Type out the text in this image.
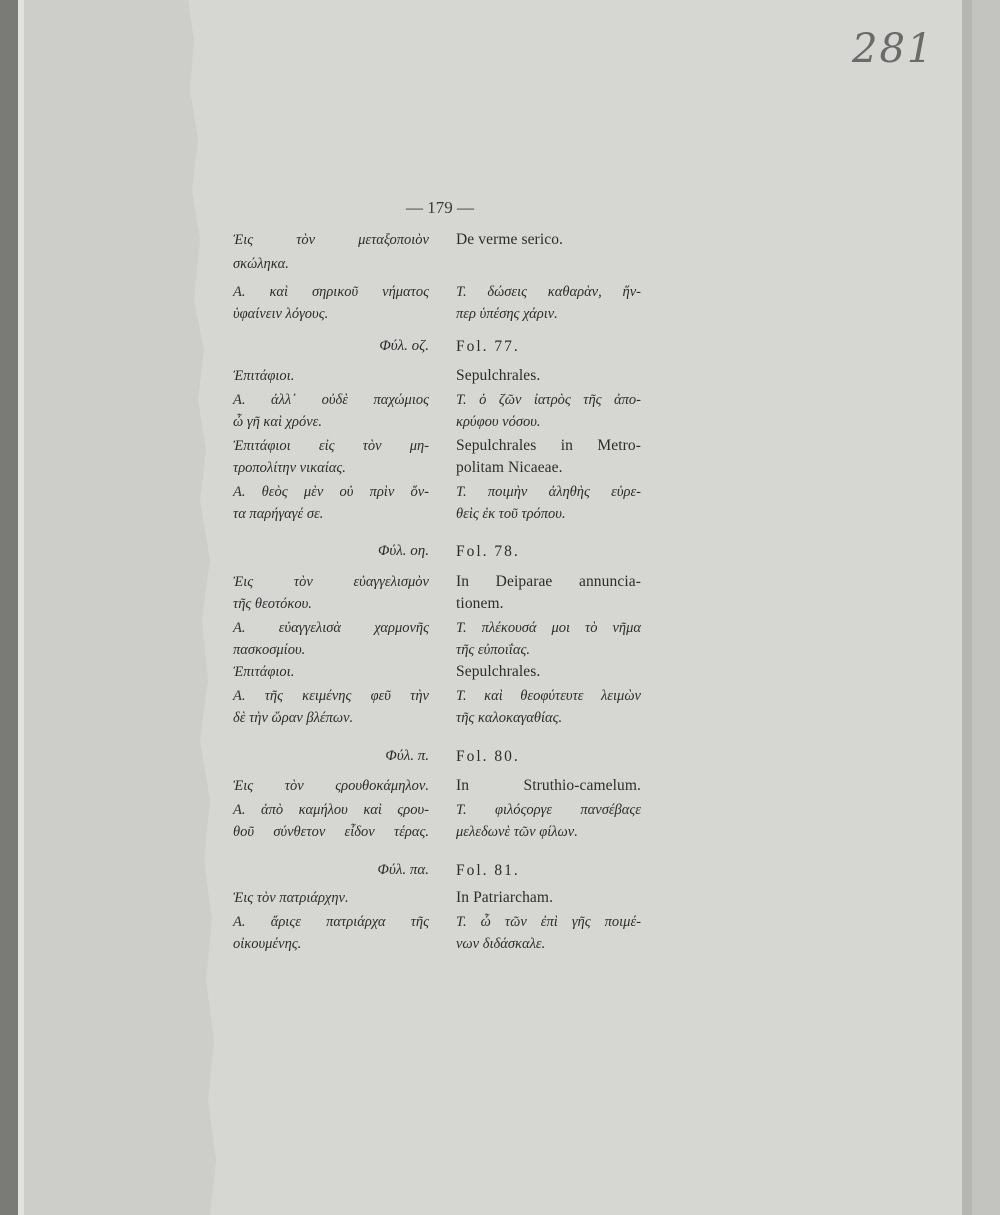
281
— 179 —
Ἐις τὸν μεταξοποιὸν
σκώληκα.
Α. καὶ σηρικοῦ νήματος
ὑφαίνειν λόγους.
De verme serico.
Τ. δώσεις καθαρὰν, ἥν-
περ ὑπέσης χάριν.
Φύλ. οζ. Fol. 77.
Ἐπιτάφιοι.
Α. ἀλλ᾿ οὐδὲ παχώμιος
ὦ γῆ καὶ χρόνε.
Sepulchrales.
Τ. ὁ ζῶν ἰατρὸς τῆς ἀπο-
κρύφου νόσου.
Ἐπιτάφιοι εἰς τὸν μη-
τροπολίτην νικαίας.
Α. θεὸς μὲν οὐ πρὶν ὄν-
τα παρήγαγέ σε.
Sepulchrales in Metro-
politam Nicaeae.
Τ. ποιμὴν ἀληθὴς εὑρε-
θεὶς ἐκ τοῦ τρόπου.
Φύλ. οη. Fol. 78.
Ἐις τὸν εὐαγγελισμὸν
τῆς θεοτόκου.
Α. εὐαγγελισὰ χαρμονῆς
πασκοσμίου.
In Deiparae annuncia-
tionem.
Τ. πλέκουσά μοι τὸ νῆμα
τῆς εὐποιΐας.
Ἐπιτάφιοι.
Α. τῆς κειμένης φεῦ τὴν
δὲ τὴν ὥραν βλέπων.
Sepulchrales.
Τ. καὶ θεοφύτευτε λειμὼν
τῆς καλοκαγαθίας.
Φύλ. π. Fol. 80.
Ἐις τὸν ςρουθοκάμηλον.
Α. ἀπὸ καμήλου καὶ ςρου-
θοῦ σύνθετον εἶδον τέρας.
In Struthio-camelum.
Τ. φιλόςοργε πανσέβαςε
μελεδωνὲ τῶν φίλων.
Φύλ. πα. Fol. 81.
Ἐις τὸν πατριάρχην.
Α. ἄριςε πατριάρχα τῆς
οἰκουμένης.
In Patriarcham.
Τ. ὦ τῶν ἐπὶ γῆς ποιμέ-
νων διδάσκαλε.
